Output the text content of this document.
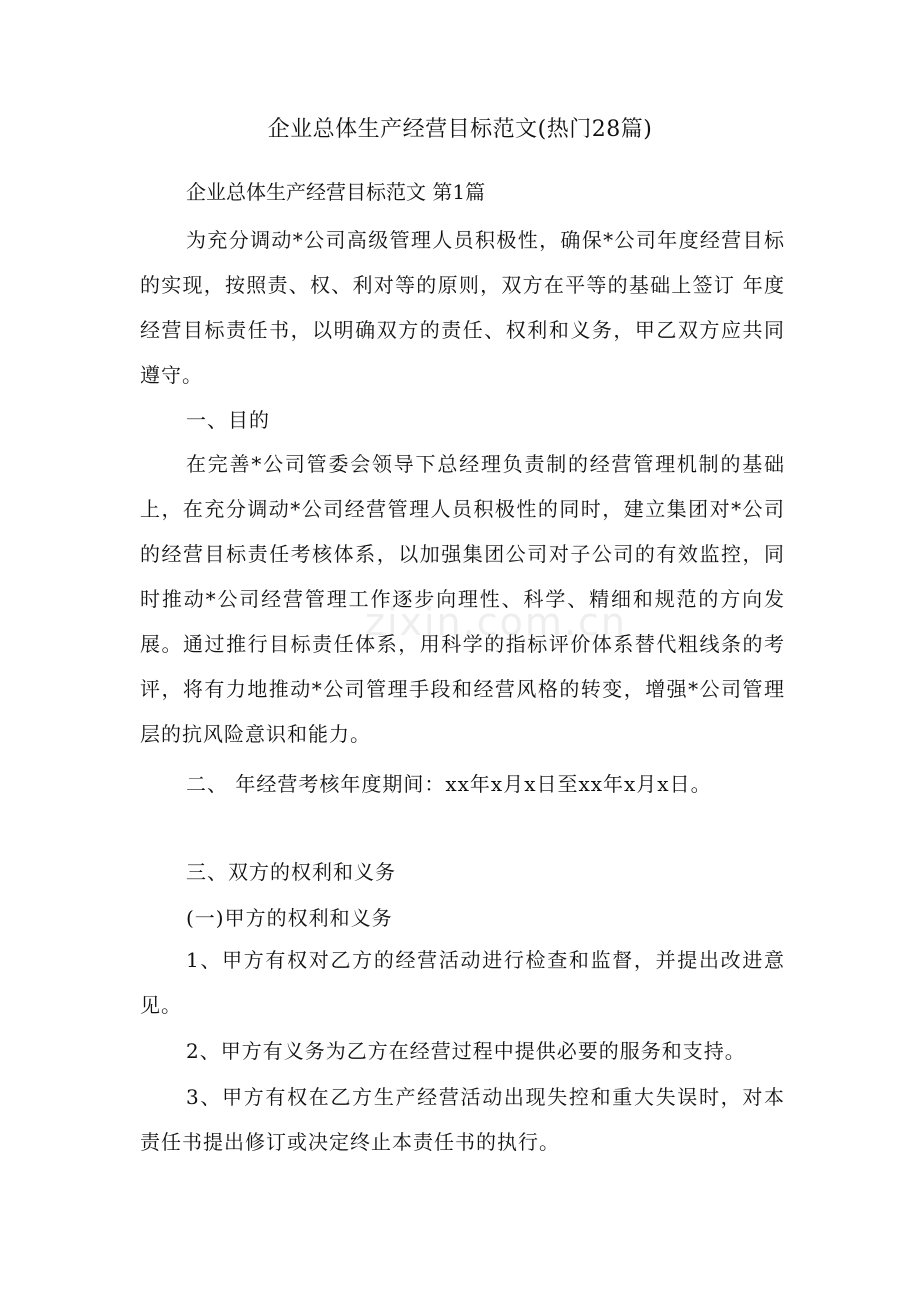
企业总体生产经营目标范文(热门28篇)
企业总体生产经营目标范文 第1篇
为充分调动*公司高级管理人员积极性，确保*公司年度经营目标的实现，按照责、权、利对等的原则，双方在平等的基础上签订 年度经营目标责任书，以明确双方的责任、权利和义务，甲乙双方应共同遵守。
一、目的
在完善*公司管委会领导下总经理负责制的经营管理机制的基础上，在充分调动*公司经营管理人员积极性的同时，建立集团对*公司的经营目标责任考核体系，以加强集团公司对子公司的有效监控，同时推动*公司经营管理工作逐步向理性、科学、精细和规范的方向发展。通过推行目标责任体系，用科学的指标评价体系替代粗线条的考评，将有力地推动*公司管理手段和经营风格的转变，增强*公司管理层的抗风险意识和能力。
二、 年经营考核年度期间：xx年x月x日至xx年x月x日。
三、双方的权利和义务
(一)甲方的权利和义务
1、甲方有权对乙方的经营活动进行检查和监督，并提出改进意见。
2、甲方有义务为乙方在经营过程中提供必要的服务和支持。
3、甲方有权在乙方生产经营活动出现失控和重大失误时，对本责任书提出修订或决定终止本责任书的执行。
zixin.com.cn
